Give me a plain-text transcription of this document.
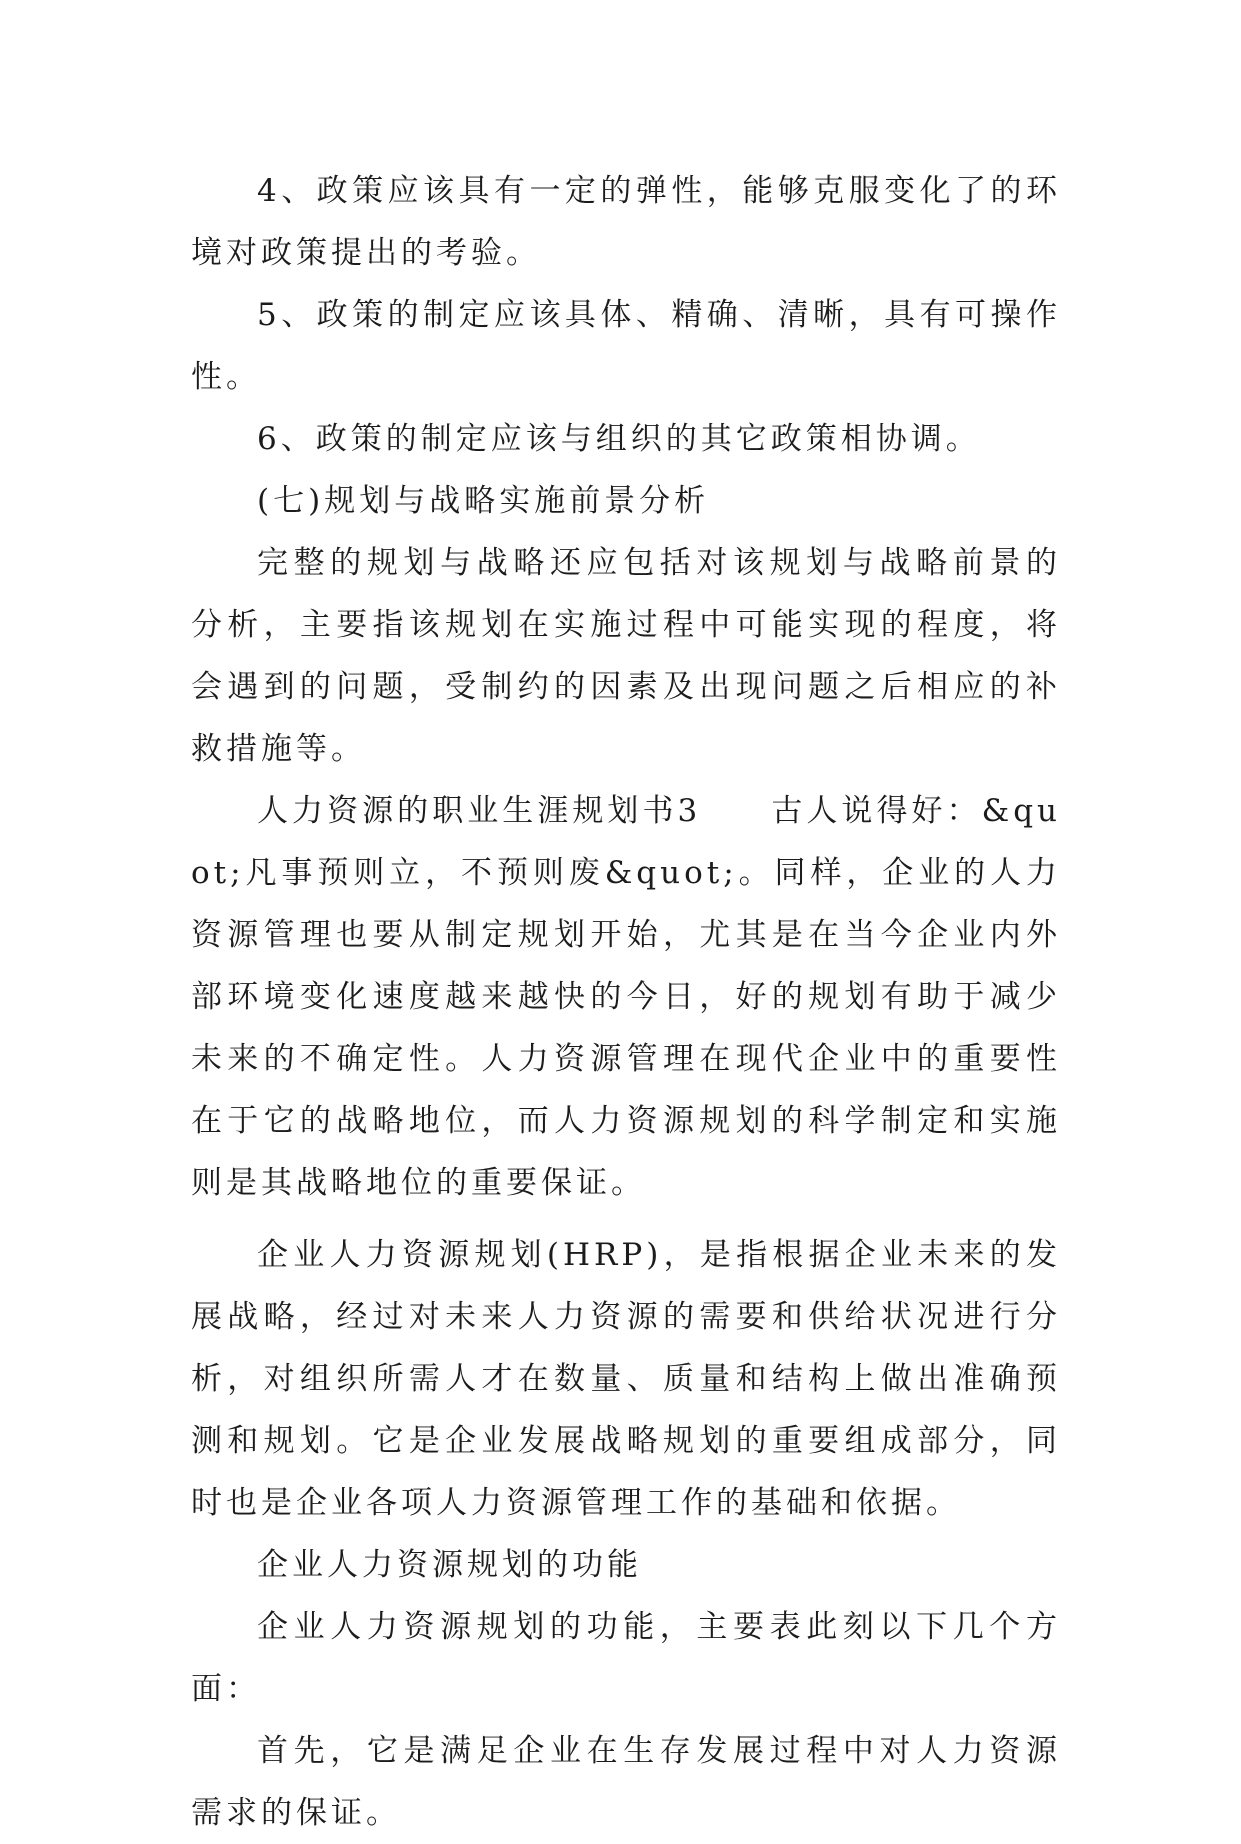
4、政策应该具有一定的弹性，能够克服变化了的环境对政策提出的考验。

5、政策的制定应该具体、精确、清晰，具有可操作性。

6、政策的制定应该与组织的其它政策相协调。

(七)规划与战略实施前景分析

完整的规划与战略还应包括对该规划与战略前景的分析，主要指该规划在实施过程中可能实现的程度，将会遇到的问题，受制约的因素及出现问题之后相应的补救措施等。

人力资源的职业生涯规划书3　　古人说得好：&quot;凡事预则立，不预则废&quot;。同样，企业的人力资源管理也要从制定规划开始，尤其是在当今企业内外部环境变化速度越来越快的今日，好的规划有助于减少未来的不确定性。人力资源管理在现代企业中的重要性在于它的战略地位，而人力资源规划的科学制定和实施则是其战略地位的重要保证。

企业人力资源规划(HRP)，是指根据企业未来的发展战略，经过对未来人力资源的需要和供给状况进行分析，对组织所需人才在数量、质量和结构上做出准确预测和规划。它是企业发展战略规划的重要组成部分，同时也是企业各项人力资源管理工作的基础和依据。

企业人力资源规划的功能

企业人力资源规划的功能，主要表此刻以下几个方面：

首先，它是满足企业在生存发展过程中对人力资源需求的保证。
